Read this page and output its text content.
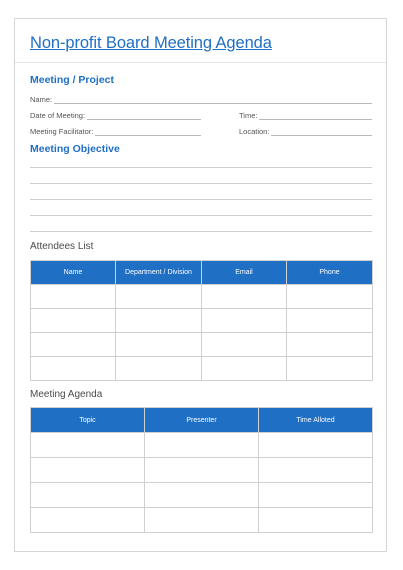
Non-profit Board Meeting Agenda
Meeting / Project
Name:
Date of Meeting:	Time:
Meeting Facilitator:	Location:
Meeting Objective
Attendees List
Name	Department / Division	Email	Phone

Meeting Agenda
Topic	Presenter	Time Alloted
